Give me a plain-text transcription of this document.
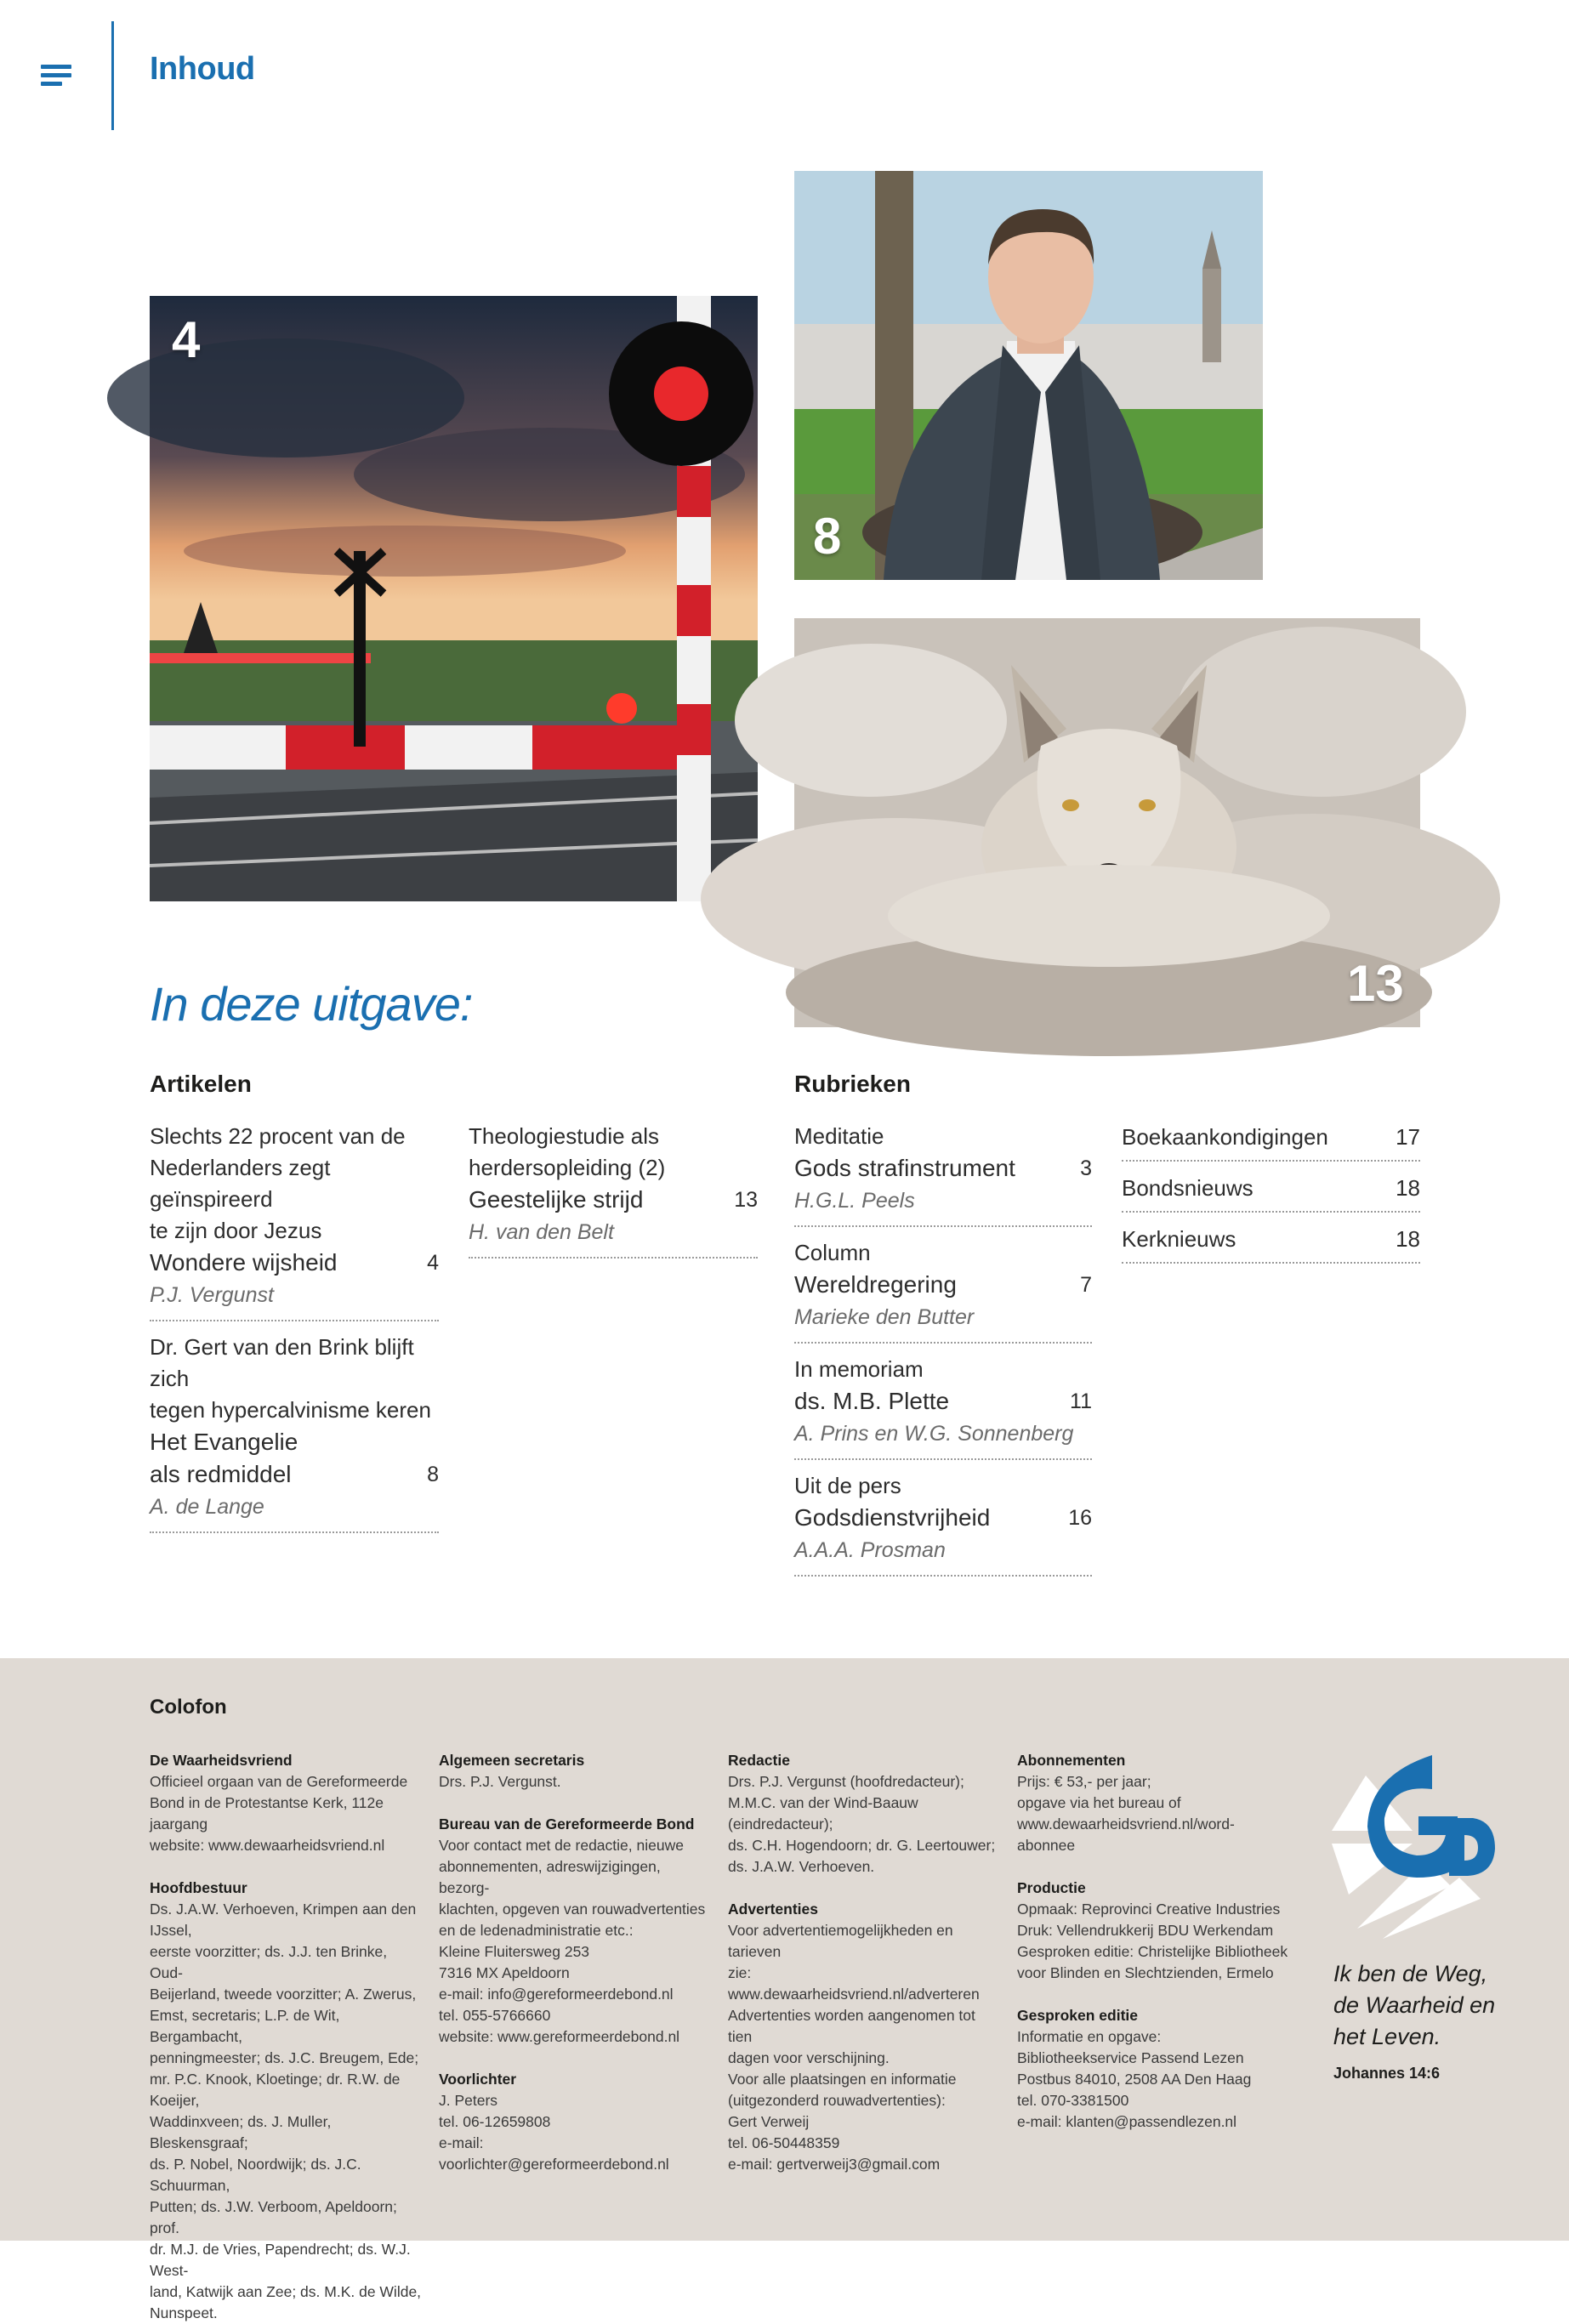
Inhoud
4
8
13
In deze uitgave:
Artikelen	Rubrieken
Slechts 22 procent van de
Nederlanders zegt geïnspireerd
te zijn door Jezus
Wondere wijsheid	4
P.J. Vergunst
Dr. Gert van den Brink blijft zich
tegen hypercalvinisme keren
Het Evangelie
als redmiddel	8
A. de Lange
Theologiestudie als
herdersopleiding (2)
Geestelijke strijd	13
H. van den Belt
Meditatie
Gods strafinstrument	3
H.G.L. Peels
Column
Wereldregering	7
Marieke den Butter
In memoriam
ds. M.B. Plette	11
A. Prins en W.G. Sonnenberg
Uit de pers
Godsdienstvrijheid	16
A.A.A. Prosman
Boekaankondigingen	17
Bondsnieuws	18
Kerknieuws	18
Colofon
De Waarheidsvriend
Officieel orgaan van de Gereformeerde
Bond in de Protestantse Kerk, 112e jaargang
website: www.dewaarheidsvriend.nl
Hoofdbestuur
Ds. J.A.W. Verhoeven, Krimpen aan den IJssel,
eerste voorzitter; ds. J.J. ten Brinke, Oud-
Beijerland, tweede voorzitter; A. Zwerus,
Emst, secretaris; L.P. de Wit, Bergambacht,
penningmeester; ds. J.C. Breugem, Ede;
mr. P.C. Knook, Kloetinge; dr. R.W. de Koeijer,
Waddinxveen; ds. J. Muller, Bleskensgraaf;
ds. P. Nobel, Noordwijk; ds. J.C. Schuurman,
Putten; ds. J.W. Verboom, Apeldoorn; prof.
dr. M.J. de Vries, Papendrecht; ds. W.J. West-
land, Katwijk aan Zee; ds. M.K. de Wilde,
Nunspeet.
Algemeen secretaris
Drs. P.J. Vergunst.
Bureau van de Gereformeerde Bond
Voor contact met de redactie, nieuwe
abonnementen, adreswijzigingen, bezorg-
klachten, opgeven van rouwadvertenties
en de ledenadministratie etc.:
Kleine Fluitersweg 253
7316 MX Apeldoorn
e-mail: info@gereformeerdebond.nl
tel. 055-5766660
website: www.gereformeerdebond.nl
Voorlichter
J. Peters
tel. 06-12659808
e-mail: voorlichter@gereformeerdebond.nl
Redactie
Drs. P.J. Vergunst (hoofdredacteur);
M.M.C. van der Wind-Baauw (eindredacteur);
ds. C.H. Hogendoorn; dr. G. Leertouwer;
ds. J.A.W. Verhoeven.
Advertenties
Voor advertentiemogelijkheden en tarieven
zie: www.dewaarheidsvriend.nl/adverteren
Advertenties worden aangenomen tot tien
dagen voor verschijning.
Voor alle plaatsingen en informatie
(uitgezonderd rouwadvertenties):
Gert Verweij
tel. 06-50448359
e-mail: gertverweij3@gmail.com
Abonnementen
Prijs: € 53,- per jaar;
opgave via het bureau of
www.dewaarheidsvriend.nl/word-abonnee
Productie
Opmaak: Reprovinci Creative Industries
Druk: Vellendrukkerij BDU Werkendam
Gesproken editie: Christelijke Bibliotheek
voor Blinden en Slechtzienden, Ermelo
Gesproken editie
Informatie en opgave:
Bibliotheekservice Passend Lezen
Postbus 84010, 2508 AA Den Haag
tel. 070-3381500
e-mail: klanten@passendlezen.nl
Ik ben de Weg,
de Waarheid en
het Leven.
Johannes 14:6
